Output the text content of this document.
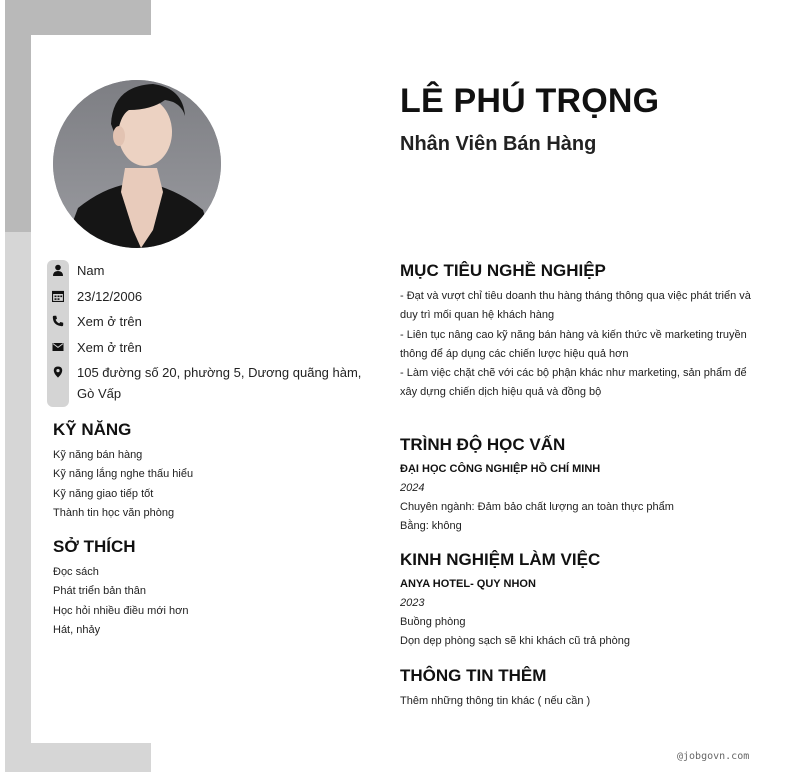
LÊ PHÚ TRỌNG
Nhân Viên Bán Hàng
Nam
23/12/2006
Xem ở trên
Xem ở trên
105 đường số 20, phường 5, Dương quãng hàm, Gò Vấp
KỸ NĂNG
Kỹ năng bán hàng
Kỹ năng lắng nghe thấu hiểu
Kỹ năng giao tiếp tốt
Thành tin học văn phòng
SỞ THÍCH
Đọc sách
Phát triển bản thân
Học hỏi nhiều điều mới hơn
Hát, nhảy
MỤC TIÊU NGHỀ NGHIỆP
- Đạt và vượt chỉ tiêu doanh thu hàng tháng thông qua việc phát triển và duy trì mối quan hệ khách hàng
- Liên tục nâng cao kỹ năng bán hàng và kiến thức về marketing truyền thông để áp dụng các chiến lược hiệu quả hơn
- Làm việc chặt chẽ với các bộ phận khác như marketing, sản phẩm để xây dựng chiến dịch hiệu quả và đồng bộ
TRÌNH ĐỘ HỌC VẤN
ĐẠI HỌC CÔNG NGHIỆP HỒ CHÍ MINH
2024
Chuyên ngành: Đảm bảo chất lượng an toàn thực phẩm
Bằng: không
KINH NGHIỆM LÀM VIỆC
ANYA HOTEL- QUY NHON
2023
Buồng phòng
Dọn dẹp phòng sạch sẽ khi khách cũ trả phòng
THÔNG TIN THÊM
Thêm những thông tin khác ( nếu cần )
@jobgovn.com
